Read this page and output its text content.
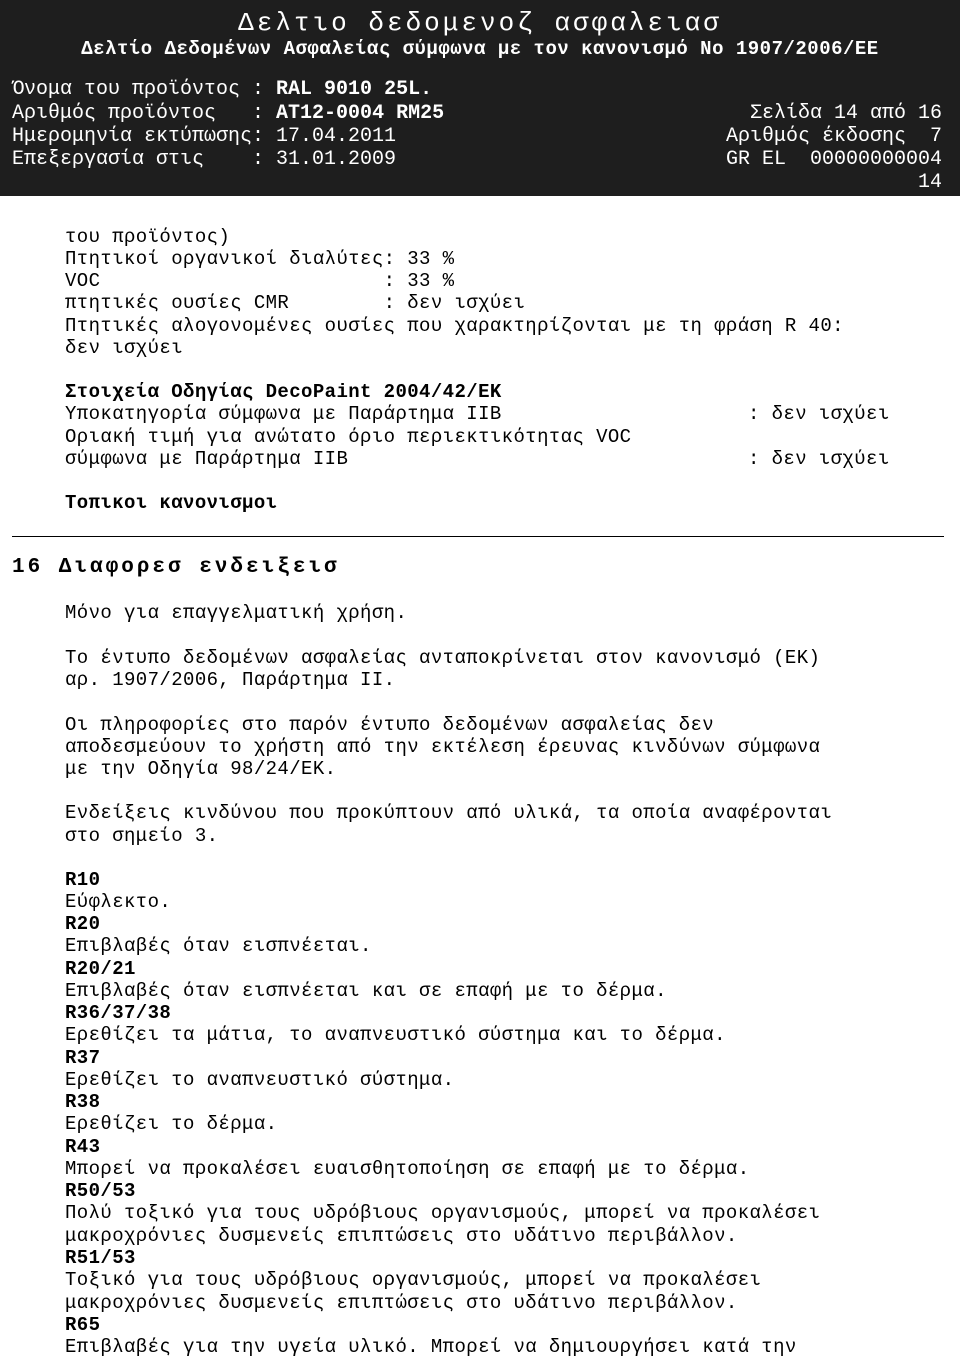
Δελτιο δεδομενοζ ασφαλειασ
Δελτίο Δεδομένων Ασφαλείας σύμφωνα με τον κανονισμό Νο 1907/2006/ΕΕ

Όνομα του προϊόντος : RAL 9010 25L.

Αριθμός προϊόντος   : AT12-0004 RM25

	Σελίδα 14 από 16

Ημερομηνία εκτύπωσης: 17.04.2011

	Αριθμός έκδοσης  7

Επεξεργασία στις    : 31.01.2009

	GR EL  00000000004

14
του προϊόντος)
Πτητικοί οργανικοί διαλύτες: 33 %
VOC                        : 33 %
πτητικές ουσίες CMR        : δεν ισχύει
Πτητικές αλογονομένες ουσίες που χαρακτηρίζονται με τη φράση R 40:
δεν ισχύει
Στοιχεία Οδηγίας DecoPaint 2004/42/ΕΚ
Υποκατηγορία σύμφωνα με Παράρτημα IIB	: δεν ισχύει
Οριακή τιμή για ανώτατο όριο περιεκτικότητας VOC
σύμφωνα με Παράρτημα IIB	: δεν ισχύει
Τοπικοι κανονισμοι
16 Διαφορεσ ενδειξεισ
Μόνο για επαγγελματική χρήση.
Το έντυπο δεδομένων ασφαλείας ανταποκρίνεται στον κανονισμό (ΕΚ)
αρ. 1907/2006, Παράρτημα II.
Οι πληροφορίες στο παρόν έντυπο δεδομένων ασφαλείας δεν
αποδεσμεύουν το χρήστη από την εκτέλεση έρευνας κινδύνων σύμφωνα
με την Οδηγία 98/24/ΕΚ.
Ενδείξεις κινδύνου που προκύπτουν από υλικά, τα οποία αναφέρονται
στο σημείο 3.
R10
Εύφλεκτο.
R20
Επιβλαβές όταν εισπνέεται.
R20/21
Επιβλαβές όταν εισπνέεται και σε επαφή με το δέρμα.
R36/37/38
Ερεθίζει τα μάτια, το αναπνευστικό σύστημα και το δέρμα.
R37
Ερεθίζει το αναπνευστικό σύστημα.
R38
Ερεθίζει το δέρμα.
R43
Μπορεί να προκαλέσει ευαισθητοποίηση σε επαφή με το δέρμα.
R50/53
Πολύ τοξικό για τους υδρόβιους οργανισμούς, μπορεί να προκαλέσει
μακροχρόνιες δυσμενείς επιπτώσεις στο υδάτινο περιβάλλον.
R51/53
Τοξικό για τους υδρόβιους οργανισμούς, μπορεί να προκαλέσει
μακροχρόνιες δυσμενείς επιπτώσεις στο υδάτινο περιβάλλον.
R65
Επιβλαβές για την υγεία υλικό. Μπορεί να δημιουργήσει κατά την
